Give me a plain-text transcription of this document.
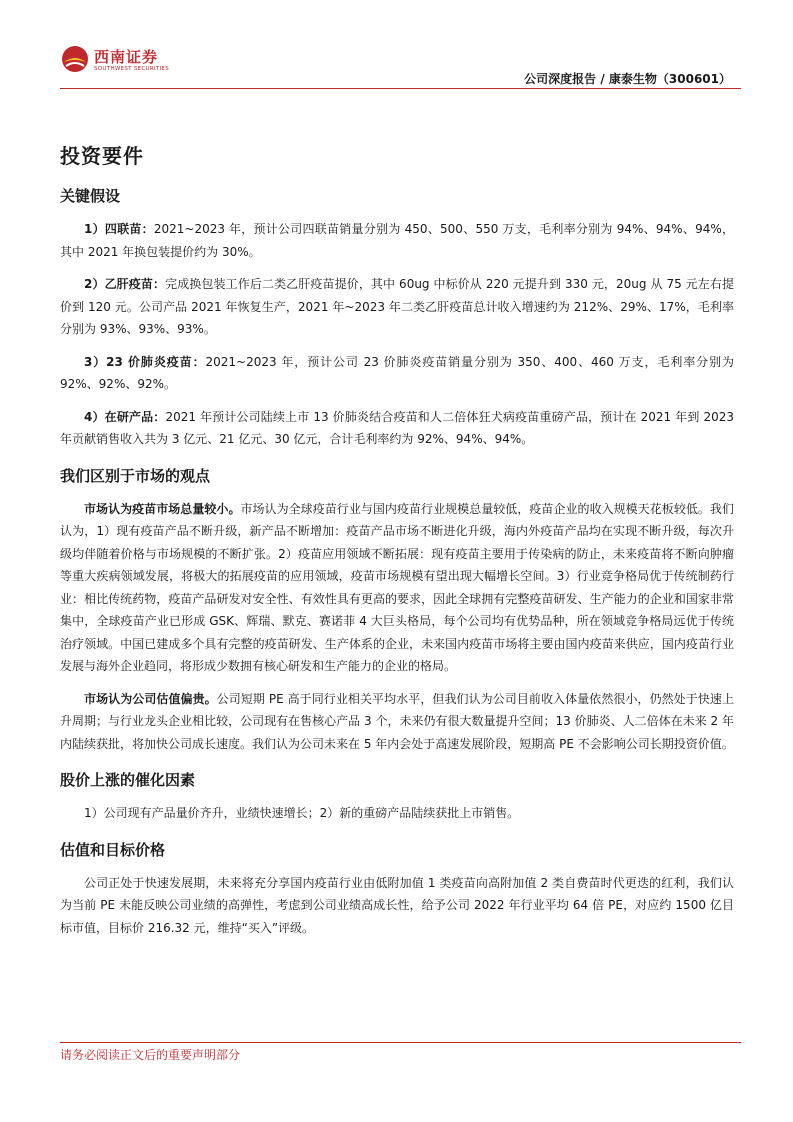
西南证券
SOUTHWEST SECURITIES
公司深度报告 / 康泰生物（300601）
投资要件
关键假设

1）四联苗：2021~2023 年，预计公司四联苗销量分别为 450、500、550 万支，毛利率分别为 94%、94%、94%，其中 2021 年换包装提价约为 30%。

2）乙肝疫苗：完成换包装工作后二类乙肝疫苗提价，其中 60ug 中标价从 220 元提升到 330 元，20ug 从 75 元左右提价到 120 元。公司产品 2021 年恢复生产，2021 年~2023 年二类乙肝疫苗总计收入增速约为 212%、29%、17%，毛利率分别为 93%、93%、93%。

3）23 价肺炎疫苗：2021~2023 年，预计公司 23 价肺炎疫苗销量分别为 350、400、460 万支，毛利率分别为 92%、92%、92%。

4）在研产品：2021 年预计公司陆续上市 13 价肺炎结合疫苗和人二倍体狂犬病疫苗重磅产品，预计在 2021 年到 2023 年贡献销售收入共为 3 亿元、21 亿元、30 亿元，合计毛利率约为 92%、94%、94%。

我们区别于市场的观点

市场认为疫苗市场总量较小。市场认为全球疫苗行业与国内疫苗行业规模总量较低，疫苗企业的收入规模天花板较低。我们认为，1）现有疫苗产品不断升级，新产品不断增加：疫苗产品市场不断进化升级，海内外疫苗产品均在实现不断升级，每次升级均伴随着价格与市场规模的不断扩张。2）疫苗应用领域不断拓展：现有疫苗主要用于传染病的防止，未来疫苗将不断向肿瘤等重大疾病领域发展，将极大的拓展疫苗的应用领域，疫苗市场规模有望出现大幅增长空间。3）行业竞争格局优于传统制药行业：相比传统药物，疫苗产品研发对安全性、有效性具有更高的要求，因此全球拥有完整疫苗研发、生产能力的企业和国家非常集中，全球疫苗产业已形成 GSK、辉瑞、默克、赛诺菲 4 大巨头格局，每个公司均有优势品种，所在领域竞争格局远优于传统治疗领域。中国已建成多个具有完整的疫苗研发、生产体系的企业，未来国内疫苗市场将主要由国内疫苗来供应，国内疫苗行业发展与海外企业趋同，将形成少数拥有核心研发和生产能力的企业的格局。

市场认为公司估值偏贵。公司短期 PE 高于同行业相关平均水平，但我们认为公司目前收入体量依然很小，仍然处于快速上升周期；与行业龙头企业相比较，公司现有在售核心产品 3 个，未来仍有很大数量提升空间；13 价肺炎、人二倍体在未来 2 年内陆续获批，将加快公司成长速度。我们认为公司未来在 5 年内会处于高速发展阶段，短期高 PE 不会影响公司长期投资价值。

股价上涨的催化因素

1）公司现有产品量价齐升，业绩快速增长；2）新的重磅产品陆续获批上市销售。

估值和目标价格

公司正处于快速发展期，未来将充分享国内疫苗行业由低附加值 1 类疫苗向高附加值 2 类自费苗时代更迭的红利，我们认为当前 PE 未能反映公司业绩的高弹性，考虑到公司业绩高成长性，给予公司 2022 年行业平均 64 倍 PE，对应约 1500 亿目标市值，目标价 216.32 元，维持“买入”评级。

请务必阅读正文后的重要声明部分
